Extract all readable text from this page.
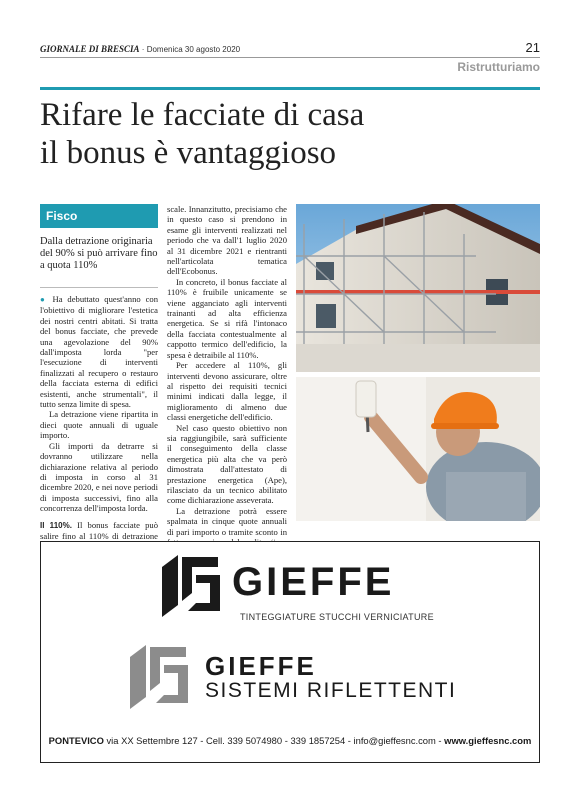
GIORNALE DI BRESCIA · Domenica 30 agosto 2020	21
Ristrutturiamo
Rifare le facciate di casa
il bonus è vantaggioso
Fisco
Dalla detrazione originaria del 90% si può arrivare fino a quota 110%

● Ha debuttato quest'anno con l'obiettivo di migliorare l'estetica dei nostri centri abitati. Si tratta del bonus facciate, che prevede una agevolazione del 90% dall'imposta lorda "per l'esecuzione di interventi finalizzati al recupero o restauro della facciata esterna di edifici esistenti, anche strumentali", il tutto senza limite di spesa.

La detrazione viene ripartita in dieci quote annuali di uguale importo.

Gli importi da detrarre si dovranno utilizzare nella dichiarazione relativa al periodo di imposta in corso al 31 dicembre 2020, e nei nove periodi di imposta successivi, fino alla concorrenza dell'imposta lorda.

Il 110%. Il bonus facciate può salire fino al 110% di detrazione

scale. Innanzitutto, precisiamo che in questo caso si prendono in esame gli interventi realizzati nel periodo che va dall'1 luglio 2020 al 31 dicembre 2021 e rientranti nell'articolata tematica dell'Ecobonus.

In concreto, il bonus facciate al 110% è fruibile unicamente se viene agganciato agli interventi trainanti ad alta efficienza energetica. Se si rifà l'intonaco della facciata contestualmente al cappotto termico dell'edificio, la spesa è detraibile al 110%.

Per accedere al 110%, gli interventi devono assicurare, oltre al rispetto dei requisiti tecnici minimi indicati dalla legge, il miglioramento di almeno due classi energetiche dell'edificio.

Nel caso questo obiettivo non sia raggiungibile, sarà sufficiente il conseguimento della classe energetica più alta che va però dimostrata dall'attestato di prestazione energetica (Ape), rilasciato da un tecnico abilitato come dichiarazione asseverata.

La detrazione potrà essere spalmata in cinque quote annuali di pari importo o tramite sconto in

GIEFFE
TINTEGGIATURE STUCCHI VERNICIATURE
GIEFFE
SISTEMI RIFLETTENTI
PONTEVICO via XX Settembre 127 - Cell. 339 5074980 - 339 1857254 - info@gieffesnc.com - www.gieffesnc.com
